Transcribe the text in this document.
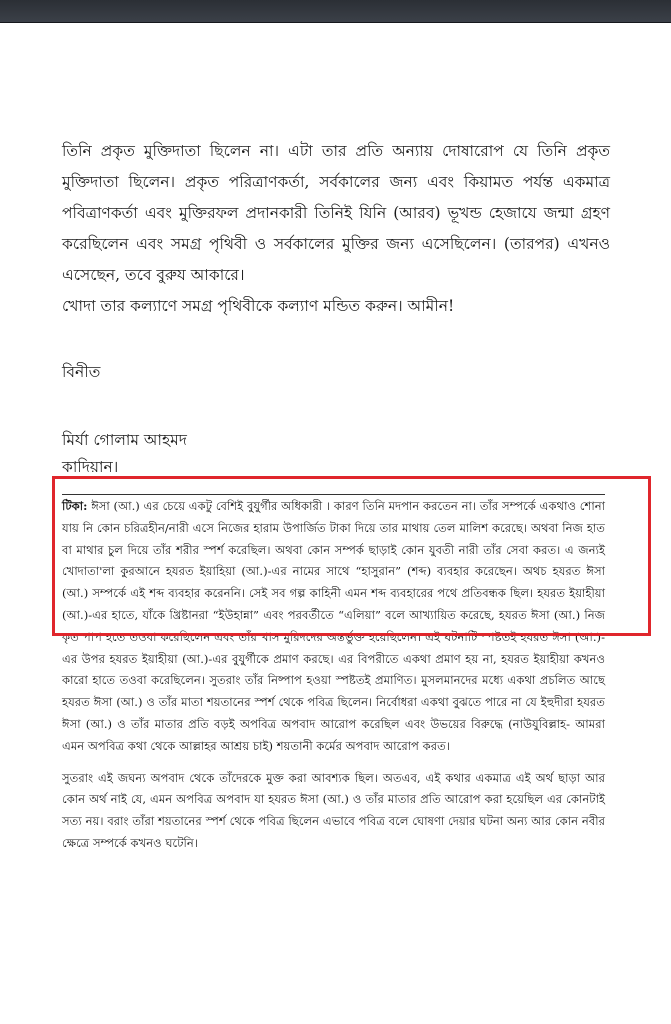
তিনি প্রকৃত মুক্তিদাতা ছিলেন না। এটা তার প্রতি অন্যায় দোষারোপ যে তিনি প্রকৃত মুক্তিদাতা ছিলেন। প্রকৃত পরিত্রাণকর্তা, সর্বকালের জন্য এবং কিয়ামত পর্যন্ত একমাত্র পবিত্রাণকর্তা এবং মুক্তিরফল প্রদানকারী তিনিই যিনি (আরব) ভূখন্ড হেজাযে জন্মা গ্রহণ করেছিলেন এবং সমগ্র পৃথিবী ও সর্বকালের মুক্তির জন্য এসেছিলেন। (তারপর) এখনও এসেছেন, তবে বুরুয আকারে।

খোদা তার কল্যাণে সমগ্র পৃথিবীকে কল্যাণ মন্ডিত করুন। আমীন!

বিনীত
মির্যা গোলাম আহমদ
কাদিয়ান।

টিকা: ঈসা (আ.) এর চেয়ে একটু বেশিই বুযুর্গীর অধিকারী । কারণ তিনি মদপান করতেন না। তাঁর সম্পর্কে একথাও শোনা যায় নি কোন চরিত্রহীন/নারী এসে নিজের হারাম উপার্জিত টাকা দিয়ে তার মাথায় তেল মালিশ করেছে। অথবা নিজ হাত বা মাথার চুল দিয়ে তাঁর শরীর স্পর্শ করেছিল। অথবা কোন সম্পর্ক ছাড়াই কোন যুবতী নারী তাঁর সেবা করত। এ জন্যই খোদাতা'লা কুরআনে হযরত ইয়াহিয়া (আ.)-এর নামের সাথে “হাসুরান” (শব্দ) ব্যবহার করেছেন। অথচ হযরত ঈসা (আ.) সম্পর্কে এই শব্দ ব্যবহার করেননি। সেই সব গল্প কাহিনী এমন শব্দ ব্যবহারের পথে প্রতিবন্ধক ছিল। হযরত ইয়াহীয়া (আ.)-এর হাতে, যাঁকে খ্রিষ্টানরা “ইউহান্না” এবং পরবর্তীতে “এলিয়া” বলে আখ্যায়িত করেছে, হযরত ঈসা (আ.) নিজ কৃত পাপ হতে তওবা করেছিলেন এবং তাঁর খাস মুরিদদের অন্তর্ভুক্ত হয়েছিলেন। এই ঘটনাটি স্পষ্টতই হযরত ঈসা (আ.)-এর উপর হযরত ইয়াহীয়া (আ.)-এর বুযুর্গীকে প্রমাণ করছে। এর বিপরীতে একথা প্রমাণ হয় না, হযরত ইয়াহীয়া কখনও কারো হাতে তওবা করেছিলেন। সুতরাং তাঁর নিষ্পাপ হওয়া স্পষ্টতই প্রমাণিত। মুসলমানদের মধ্যে একথা প্রচলিত আছে হযরত ঈসা (আ.) ও তাঁর মাতা শয়তানের স্পর্শ থেকে পবিত্র ছিলেন। নির্বোধরা একথা বুঝতে পারে না যে ইহুদীরা হযরত ঈসা (আ.) ও তাঁর মাতার প্রতি বড়ই অপবিত্র অপবাদ আরোপ করেছিল এবং উভয়ের বিরুদ্ধে (নাউযুবিল্লাহ- আমরা এমন অপবিত্র কথা থেকে আল্লাহর আশ্রয় চাই) শয়তানী কর্মের অপবাদ আরোপ করত।

সুতরাং এই জঘন্য অপবাদ থেকে তাঁদেরকে মুক্ত করা আবশ্যক ছিল। অতএব, এই কথার একমাত্র এই অর্থ ছাড়া আর কোন অর্থ নাই যে, এমন অপবিত্র অপবাদ যা হযরত ঈসা (আ.) ও তাঁর মাতার প্রতি আরোপ করা হয়েছিল এর কোনটাই সত্য নয়। বরাং তাঁরা শয়তানের স্পর্শ থেকে পবিত্র ছিলেন এভাবে পবিত্র বলে ঘোষণা দেয়ার ঘটনা অন্য আর কোন নবীর ক্ষেত্রে সম্পর্কে কখনও ঘটেনি।
